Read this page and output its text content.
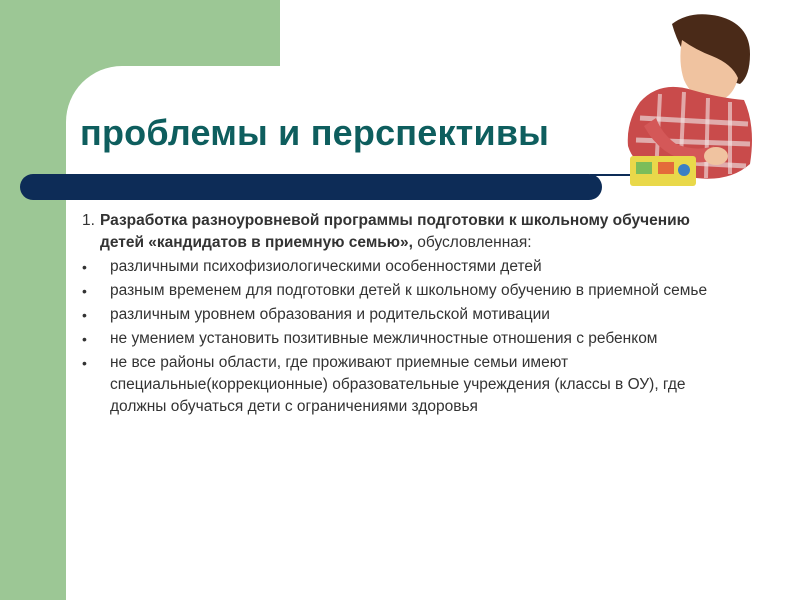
проблемы и перспективы
1. Разработка разноуровневой программы подготовки к школьному обучению детей «кандидатов в приемную семью», обусловленная:
• различными психофизиологическими особенностями детей
• разным временем для подготовки детей к школьному обучению в приемной семье
• различным уровнем образования и родительской мотивации
• не умением установить позитивные межличностные отношения с ребенком
• не все районы области, где проживают приемные семьи имеют специальные(коррекционные) образовательные учреждения (классы в ОУ), где должны обучаться дети с ограничениями здоровья
